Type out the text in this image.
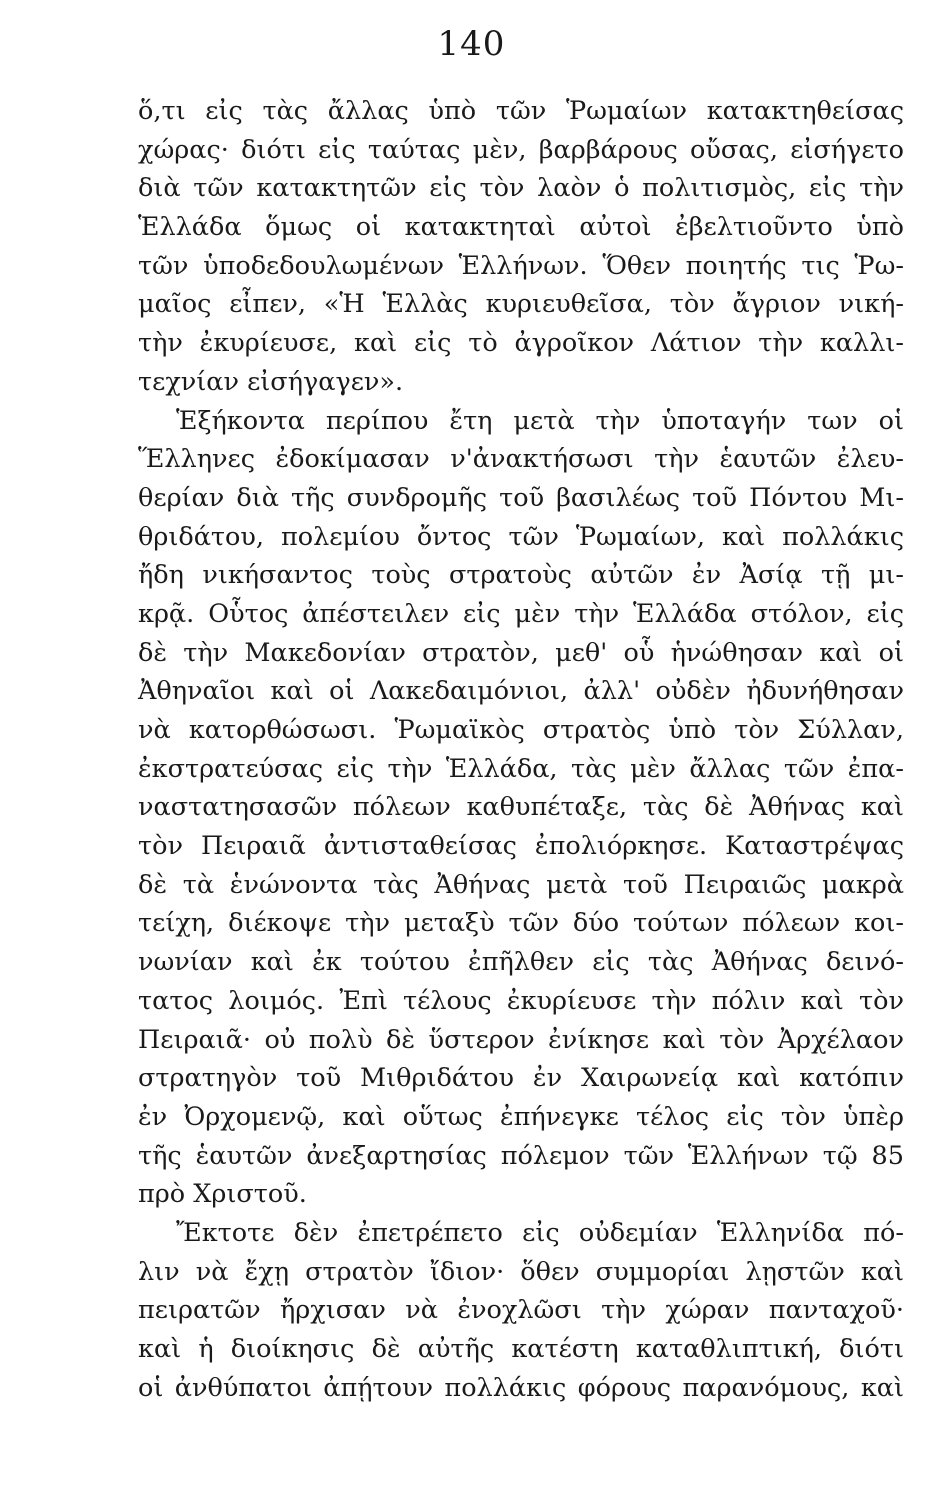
140
ὅ,τι εἰς τὰς ἄλλας ὑπὸ τῶν Ῥωμαίων κατακτηθείσας
χώρας· διότι εἰς ταύτας μὲν, βαρβάρους οὔσας, εἰσήγετο
διὰ τῶν κατακτητῶν εἰς τὸν λαὸν ὁ πολιτισμὸς, εἰς τὴν
Ἑλλάδα ὅμως οἱ κατακτηταὶ αὐτοὶ ἐβελτιοῦντο ὑπὸ
τῶν ὑποδεδουλωμένων Ἑλλήνων. Ὅθεν ποιητής τις Ῥω-
μαῖος εἶπεν, «Ἡ Ἑλλὰς κυριευθεῖσα, τὸν ἄγριον νική-
τὴν ἐκυρίευσε, καὶ εἰς τὸ ἀγροῖκον Λάτιον τὴν καλλι-
τεχνίαν εἰσήγαγεν».
Ἑξήκοντα περίπου ἔτη μετὰ τὴν ὑποταγήν των οἱ
Ἕλληνες ἐδοκίμασαν ν'ἀνακτήσωσι τὴν ἑαυτῶν ἐλευ-
θερίαν διὰ τῆς συνδρομῆς τοῦ βασιλέως τοῦ Πόντου Μι-
θριδάτου, πολεμίου ὄντος τῶν Ῥωμαίων, καὶ πολλάκις
ἤδη νικήσαντος τοὺς στρατοὺς αὐτῶν ἐν Ἀσίᾳ τῇ μι-
κρᾷ. Οὗτος ἀπέστειλεν εἰς μὲν τὴν Ἑλλάδα στόλον, εἰς
δὲ τὴν Μακεδονίαν στρατὸν, μεθ' οὗ ἡνώθησαν καὶ οἱ
Ἀθηναῖοι καὶ οἱ Λακεδαιμόνιοι, ἀλλ' οὐδὲν ἠδυνήθησαν
νὰ κατορθώσωσι. Ῥωμαϊκὸς στρατὸς ὑπὸ τὸν Σύλλαν,
ἐκστρατεύσας εἰς τὴν Ἑλλάδα, τὰς μὲν ἄλλας τῶν ἐπα-
ναστατησασῶν πόλεων καθυπέταξε, τὰς δὲ Ἀθήνας καὶ
τὸν Πειραιᾶ ἀντισταθείσας ἐπολιόρκησε. Καταστρέψας
δὲ τὰ ἑνώνοντα τὰς Ἀθήνας μετὰ τοῦ Πειραιῶς μακρὰ
τείχη, διέκοψε τὴν μεταξὺ τῶν δύο τούτων πόλεων κοι-
νωνίαν καὶ ἐκ τούτου ἐπῆλθεν εἰς τὰς Ἀθήνας δεινό-
τατος λοιμός. Ἐπὶ τέλους ἐκυρίευσε τὴν πόλιν καὶ τὸν
Πειραιᾶ· οὐ πολὺ δὲ ὕστερον ἐνίκησε καὶ τὸν Ἀρχέλαον
στρατηγὸν τοῦ Μιθριδάτου ἐν Χαιρωνείᾳ καὶ κατόπιν
ἐν Ὀρχομενῷ, καὶ οὕτως ἐπήνεγκε τέλος εἰς τὸν ὑπὲρ
τῆς ἑαυτῶν ἀνεξαρτησίας πόλεμον τῶν Ἑλλήνων τῷ 85
πρὸ Χριστοῦ.
Ἔκτοτε δὲν ἐπετρέπετο εἰς οὐδεμίαν Ἑλληνίδα πό-
λιν νὰ ἔχῃ στρατὸν ἴδιον· ὅθεν συμμορίαι λῃστῶν καὶ
πειρατῶν ἤρχισαν νὰ ἐνοχλῶσι τὴν χώραν πανταχοῦ·
καὶ ἡ διοίκησις δὲ αὐτῆς κατέστη καταθλιπτική, διότι
οἱ ἀνθύπατοι ἀπῄτουν πολλάκις φόρους παρανόμους, καὶ
